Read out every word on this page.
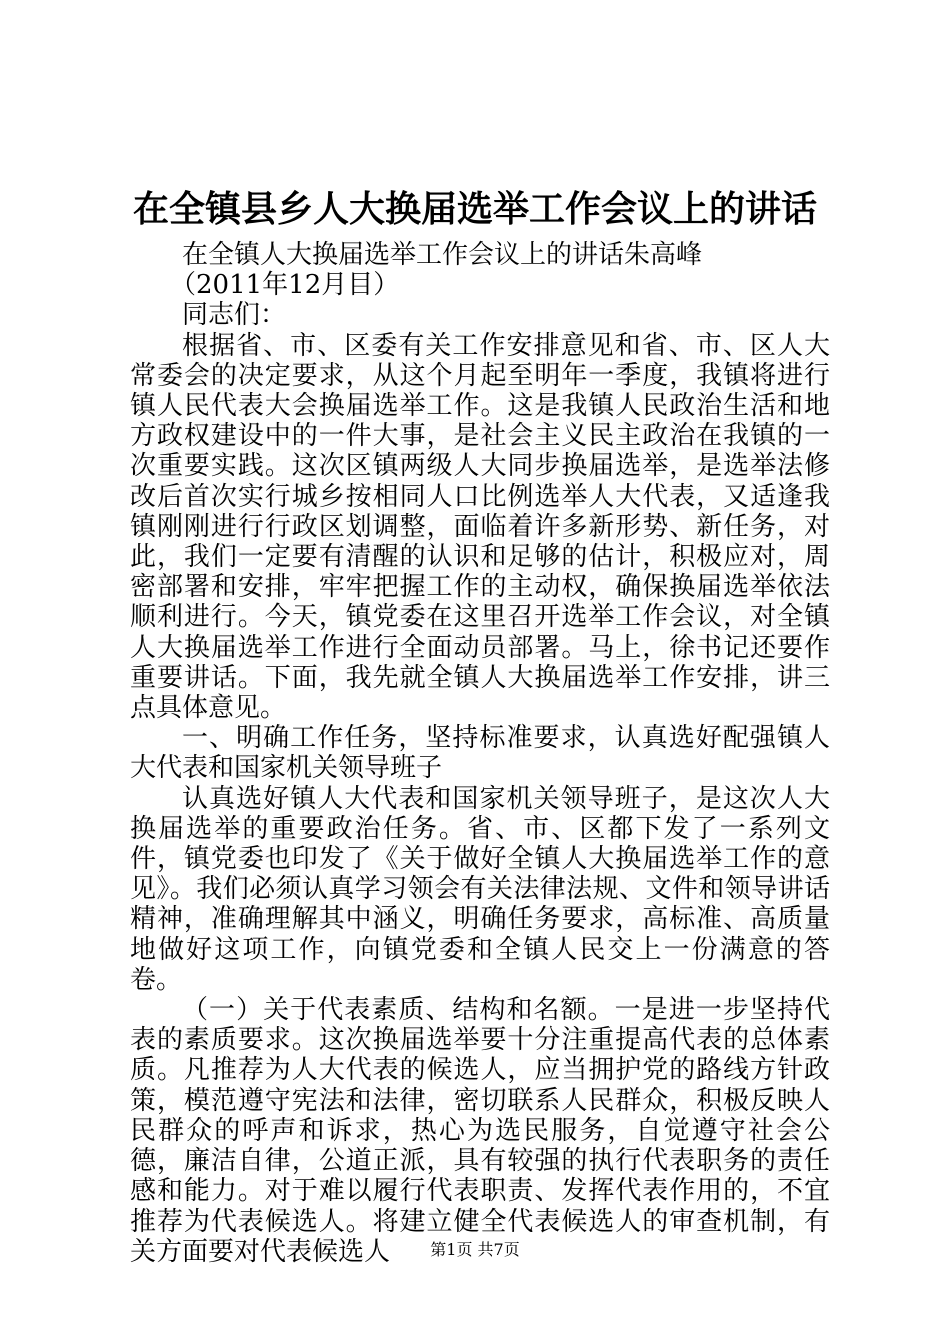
在全镇县乡人大换届选举工作会议上的讲话

在全镇人大换届选举工作会议上的讲话朱高峰

（2011年12月目）

同志们：

根据省、市、区委有关工作安排意见和省、市、区人大常委会的决定要求，从这个月起至明年一季度，我镇将进行镇人民代表大会换届选举工作。这是我镇人民政治生活和地方政权建设中的一件大事，是社会主义民主政治在我镇的一次重要实践。这次区镇两级人大同步换届选举，是选举法修改后首次实行城乡按相同人口比例选举人大代表，又适逢我镇刚刚进行行政区划调整，面临着许多新形势、新任务，对此，我们一定要有清醒的认识和足够的估计，积极应对，周密部署和安排，牢牢把握工作的主动权，确保换届选举依法顺利进行。今天，镇党委在这里召开选举工作会议，对全镇人大换届选举工作进行全面动员部署。马上，徐书记还要作重要讲话。下面，我先就全镇人大换届选举工作安排，讲三点具体意见。

一、明确工作任务，坚持标准要求，认真选好配强镇人大代表和国家机关领导班子

认真选好镇人大代表和国家机关领导班子，是这次人大换届选举的重要政治任务。省、市、区都下发了一系列文件，镇党委也印发了《关于做好全镇人大换届选举工作的意见》。我们必须认真学习领会有关法律法规、文件和领导讲话精神，准确理解其中涵义，明确任务要求，高标准、高质量地做好这项工作，向镇党委和全镇人民交上一份满意的答卷。

（一）关于代表素质、结构和名额。一是进一步坚持代表的素质要求。这次换届选举要十分注重提高代表的总体素质。凡推荐为人大代表的候选人，应当拥护党的路线方针政策，模范遵守宪法和法律，密切联系人民群众，积极反映人民群众的呼声和诉求，热心为选民服务，自觉遵守社会公德，廉洁自律，公道正派，具有较强的执行代表职务的责任感和能力。对于难以履行代表职责、发挥代表作用的，不宜推荐为代表候选人。将建立健全代表候选人的审查机制，有关方面要对代表候选人	第1页 共7页
